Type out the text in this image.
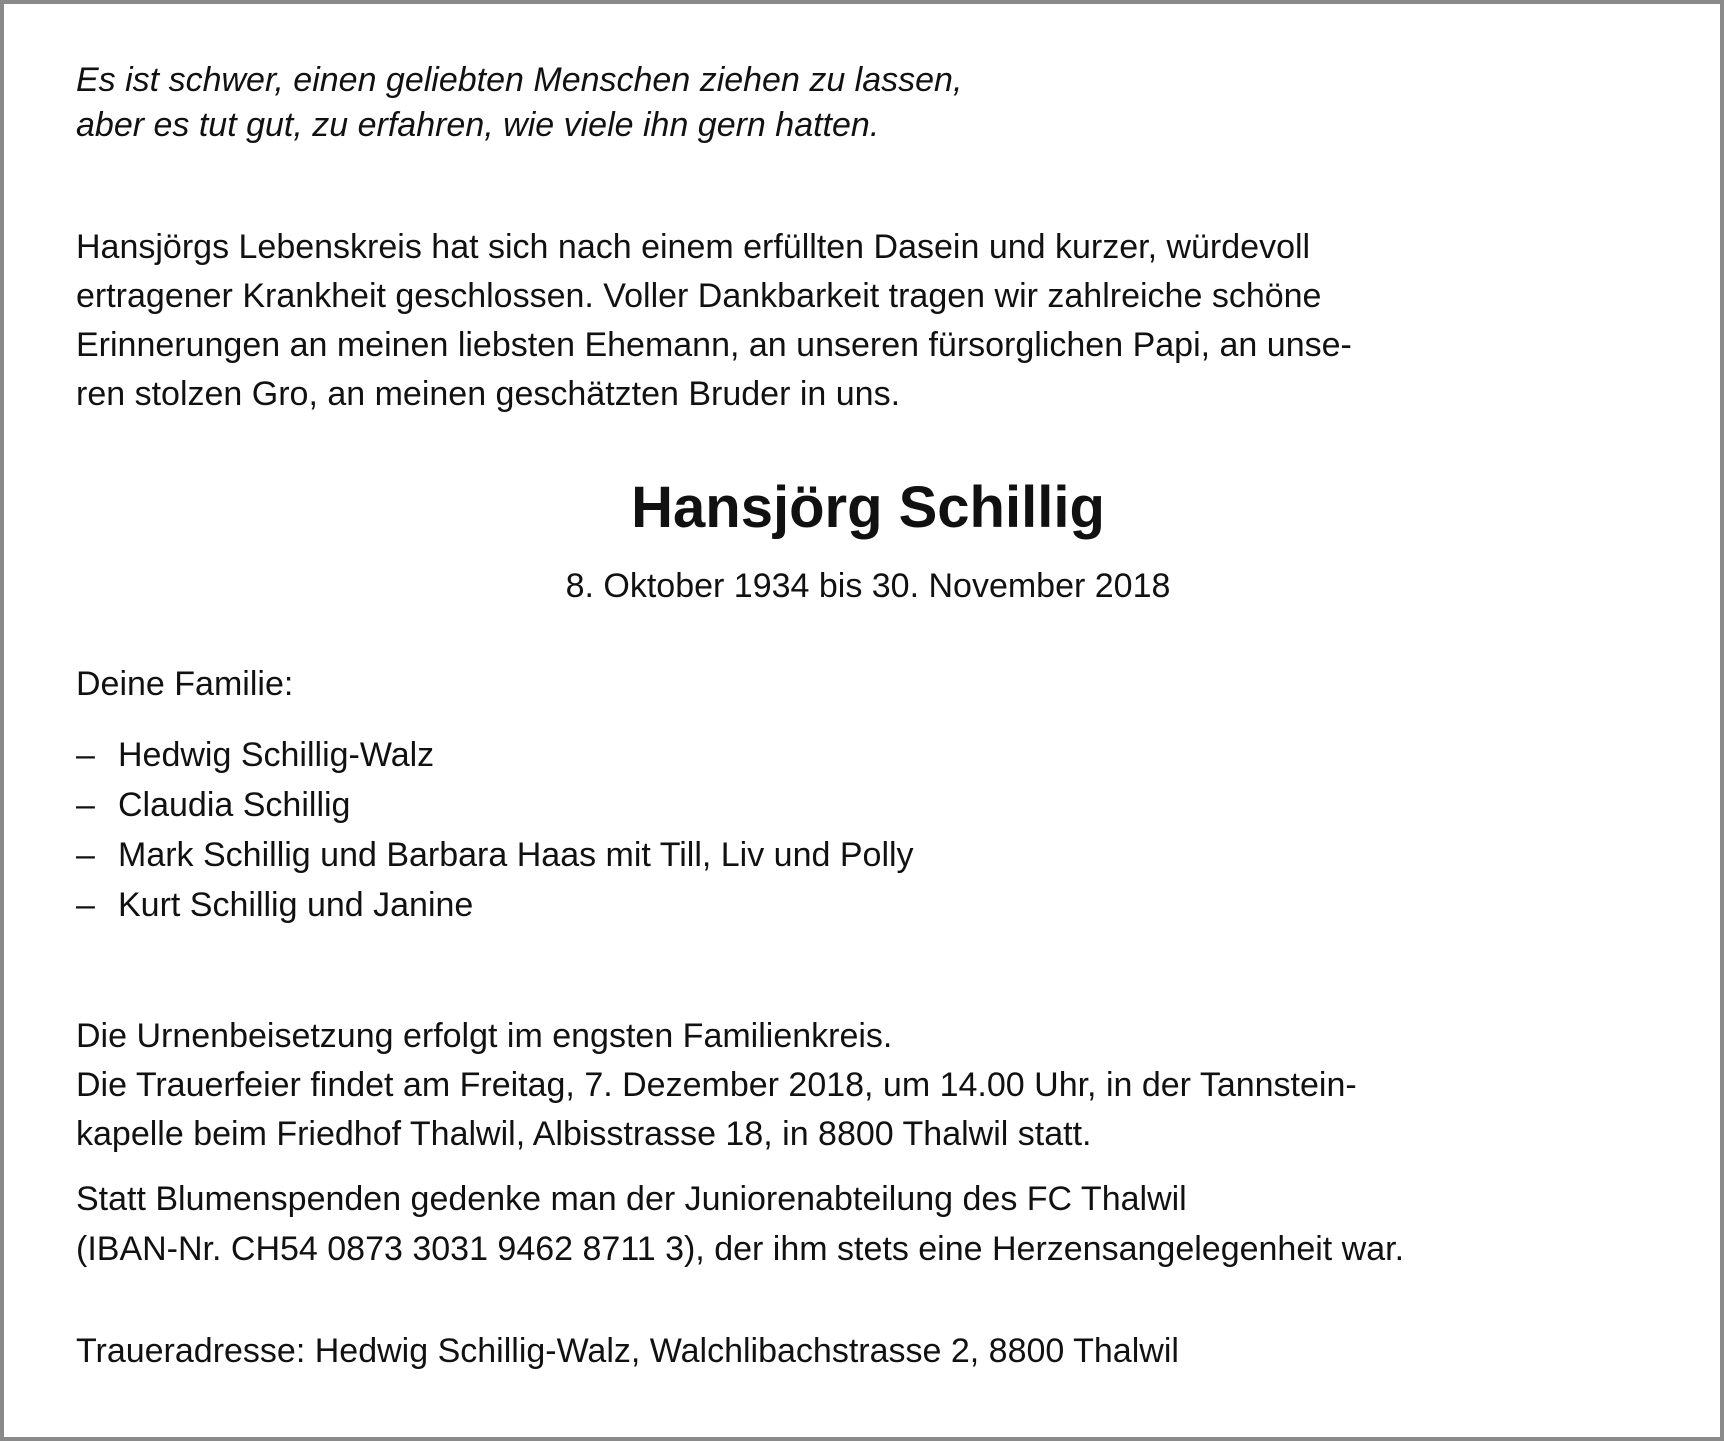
Es ist schwer, einen geliebten Menschen ziehen zu lassen,
aber es tut gut, zu erfahren, wie viele ihn gern hatten.
Hansjörgs Lebenskreis hat sich nach einem erfüllten Dasein und kurzer, würdevoll
ertragener Krankheit geschlossen. Voller Dankbarkeit tragen wir zahlreiche schöne
Erinnerungen an meinen liebsten Ehemann, an unseren fürsorglichen Papi, an unse-
ren stolzen Gro, an meinen geschätzten Bruder in uns.
Hansjörg Schillig
8. Oktober 1934 bis 30. November 2018
Deine Familie:
– Hedwig Schillig-Walz
– Claudia Schillig
– Mark Schillig und Barbara Haas mit Till, Liv und Polly
– Kurt Schillig und Janine
Die Urnenbeisetzung erfolgt im engsten Familienkreis.
Die Trauerfeier findet am Freitag, 7. Dezember 2018, um 14.00 Uhr, in der Tannstein-
kapelle beim Friedhof Thalwil, Albisstrasse 18, in 8800 Thalwil statt.
Statt Blumenspenden gedenke man der Juniorenabteilung des FC Thalwil
(IBAN-Nr. CH54 0873 3031 9462 8711 3), der ihm stets eine Herzensangelegenheit war.
Traueradresse: Hedwig Schillig-Walz, Walchlibachstrasse 2, 8800 Thalwil
